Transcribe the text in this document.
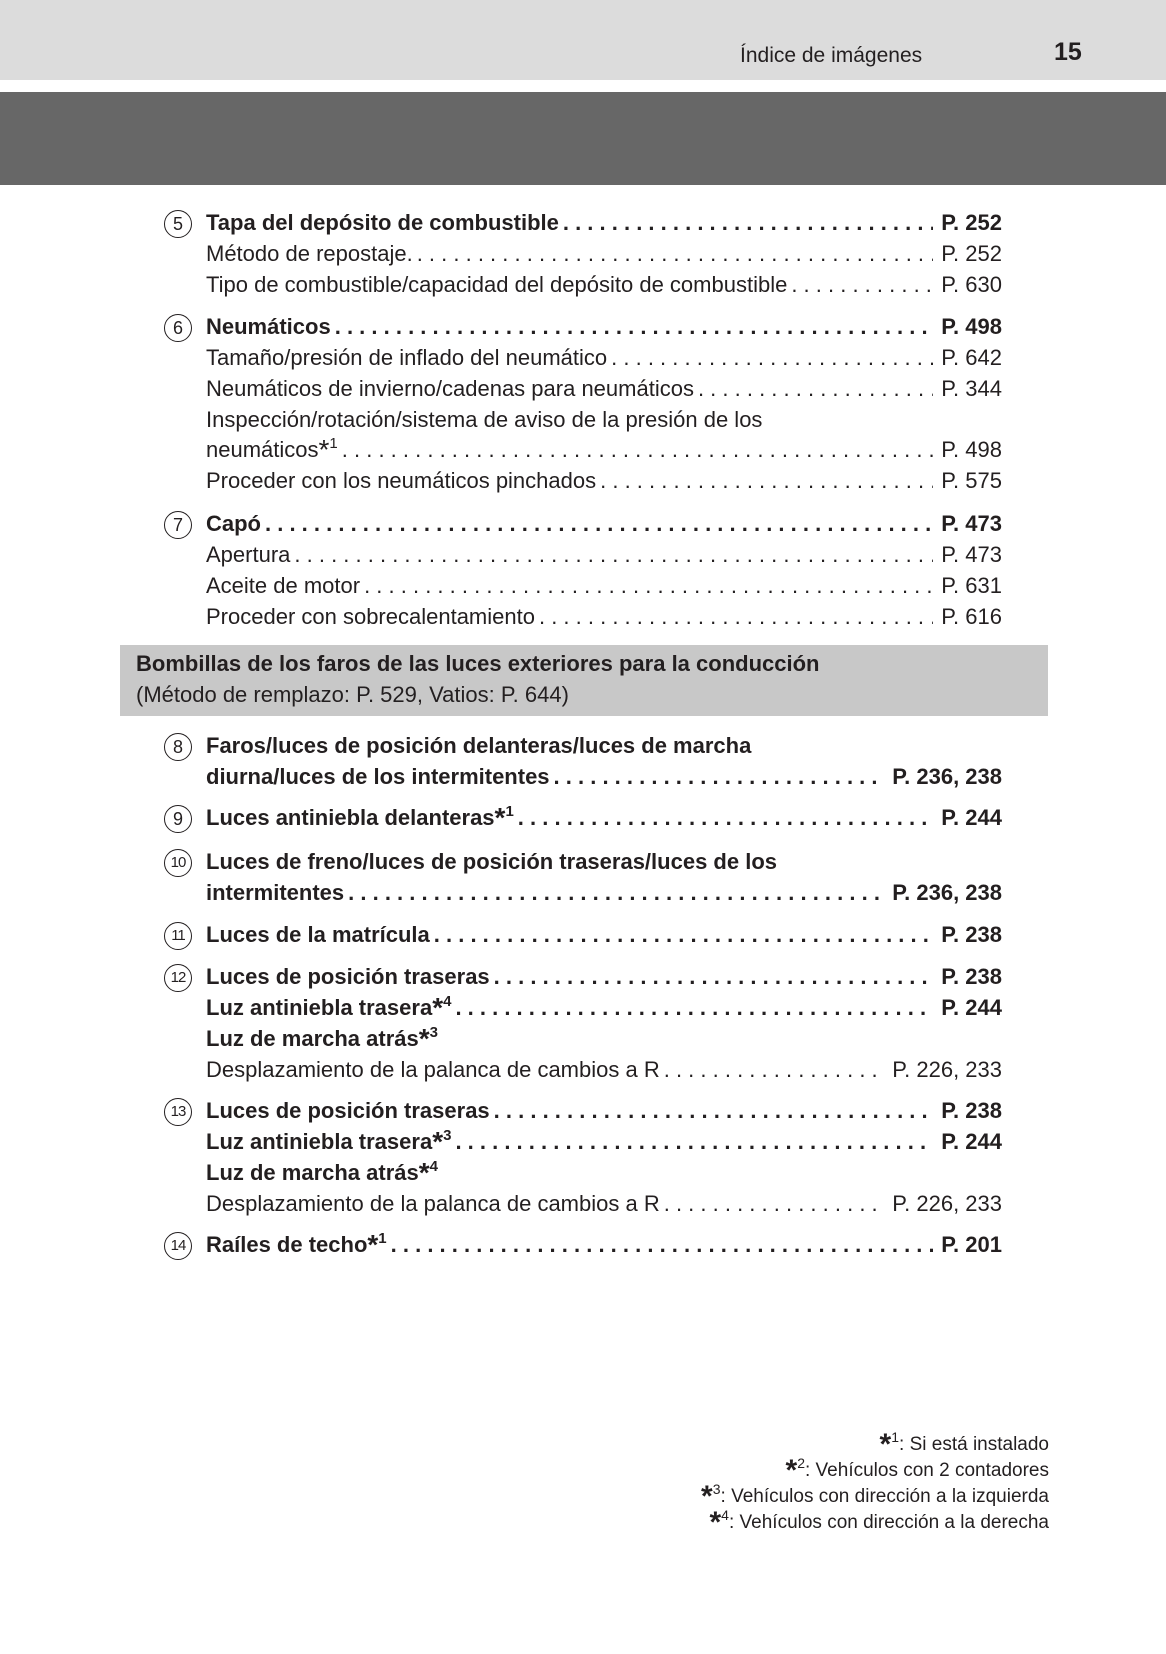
Índice de imágenes	15
5	Tapa del depósito de combustible . . .	P. 252
Método de repostaje. . . .	P. 252
Tipo de combustible/capacidad del depósito de combustible . . .	P. 630
6	Neumáticos . . .	P. 498
Tamaño/presión de inflado del neumático . . .	P. 642
Neumáticos de invierno/cadenas para neumáticos . . .	P. 344
Inspección/rotación/sistema de aviso de la presión de los
neumáticos*$^1$ . . .	P. 498
Proceder con los neumáticos pinchados . . .	P. 575
7	Capó . . .	P. 473
Apertura . . .	P. 473
Aceite de motor . . .	P. 631
Proceder con sobrecalentamiento . . .	P. 616
Bombillas de los faros de las luces exteriores para la conducción
(Método de remplazo: P. 529, Vatios: P. 644)
8	Faros/luces de posición delanteras/luces de marcha
diurna/luces de los intermitentes . . .	P. 236, 238
9	Luces antiniebla delanteras*$^1$ . . .	P. 244
10 Luces de freno/luces de posición traseras/luces de los
intermitentes . . .	P. 236, 238
11 Luces de la matrícula . . .	P. 238
12 Luces de posición traseras . . .	P. 238
Luz antiniebla trasera*$^4$ . . .	P. 244
Luz de marcha atrás*$^3$
Desplazamiento de la palanca de cambios a R . . .	P. 226, 233
13 Luces de posición traseras . . .	P. 238
Luz antiniebla trasera*$^3$ . . .	P. 244
Luz de marcha atrás*$^4$
Desplazamiento de la palanca de cambios a R . . .	P. 226, 233
14 Raíles de techo*$^1$ . . .	P. 201
*$^1$: Si está instalado
*$^2$: Vehículos con 2 contadores
*$^3$: Vehículos con dirección a la izquierda
*$^4$: Vehículos con dirección a la derecha
